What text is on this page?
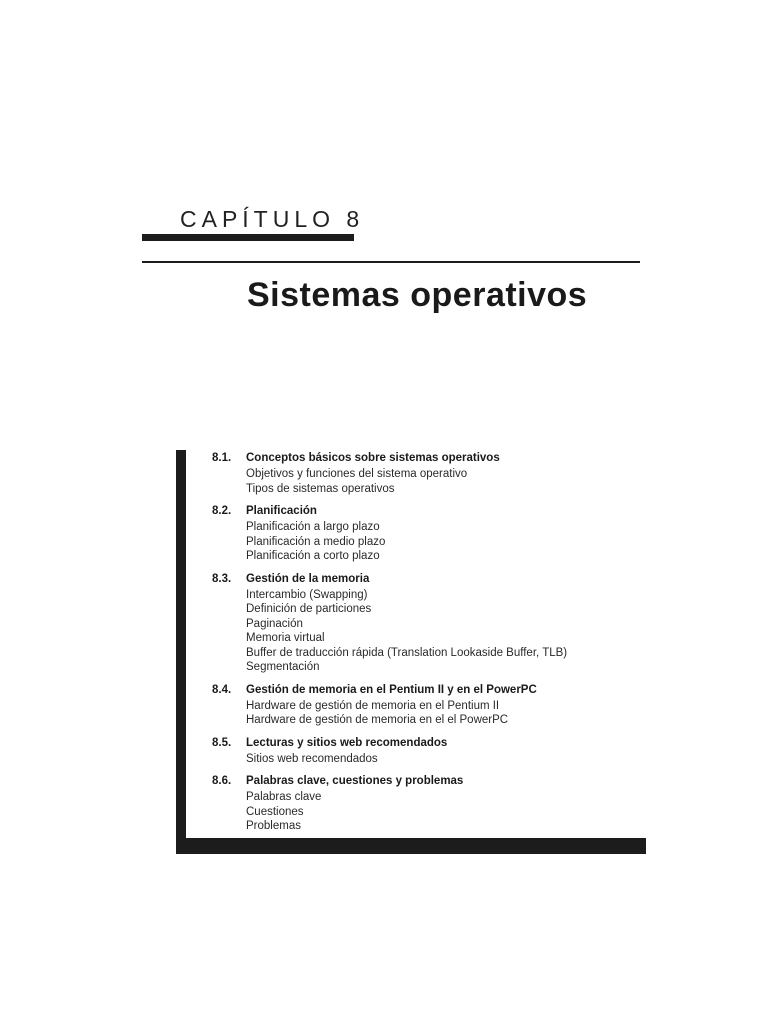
CAPÍTULO 8
Sistemas operativos
8.1.	Conceptos básicos sobre sistemas operativos
Objetivos y funciones del sistema operativo
Tipos de sistemas operativos
8.2.	Planificación
Planificación a largo plazo
Planificación a medio plazo
Planificación a corto plazo
8.3.	Gestión de la memoria
Intercambio (Swapping)
Definición de particiones
Paginación
Memoria virtual
Buffer de traducción rápida (Translation Lookaside Buffer, TLB)
Segmentación
8.4.	Gestión de memoria en el Pentium II y en el PowerPC
Hardware de gestión de memoria en el Pentium II
Hardware de gestión de memoria en el el PowerPC
8.5.	Lecturas y sitios web recomendados
Sitios web recomendados
8.6.	Palabras clave, cuestiones y problemas
Palabras clave
Cuestiones
Problemas
